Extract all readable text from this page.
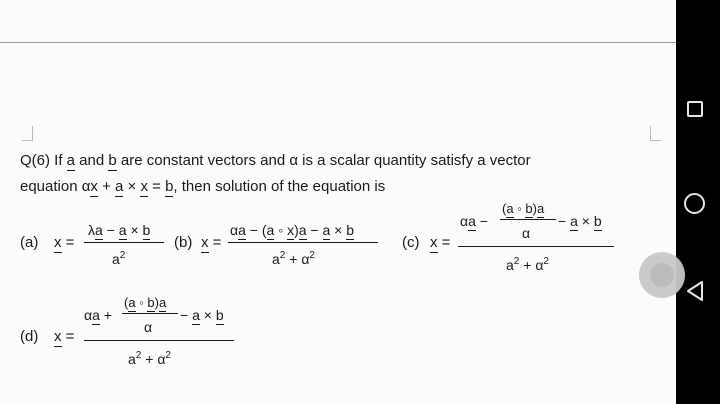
Q(6) If a and b are constant vectors and α is a scalar quantity satisfy a vector
equation αx + a × x = b, then solution of the equation is
(a) x =
λa − a × b
$a^2$
(b) x =
αa − (a ◦ x)a − a × b
$a^2 + \alpha^2$
(c) x =
αa −
(a ◦ b)a
α
− a × b
$a^2 + \alpha^2$
(d) x =
αa +
(a ◦ b)a
α
− a × b
$a^2 + \alpha^2$
